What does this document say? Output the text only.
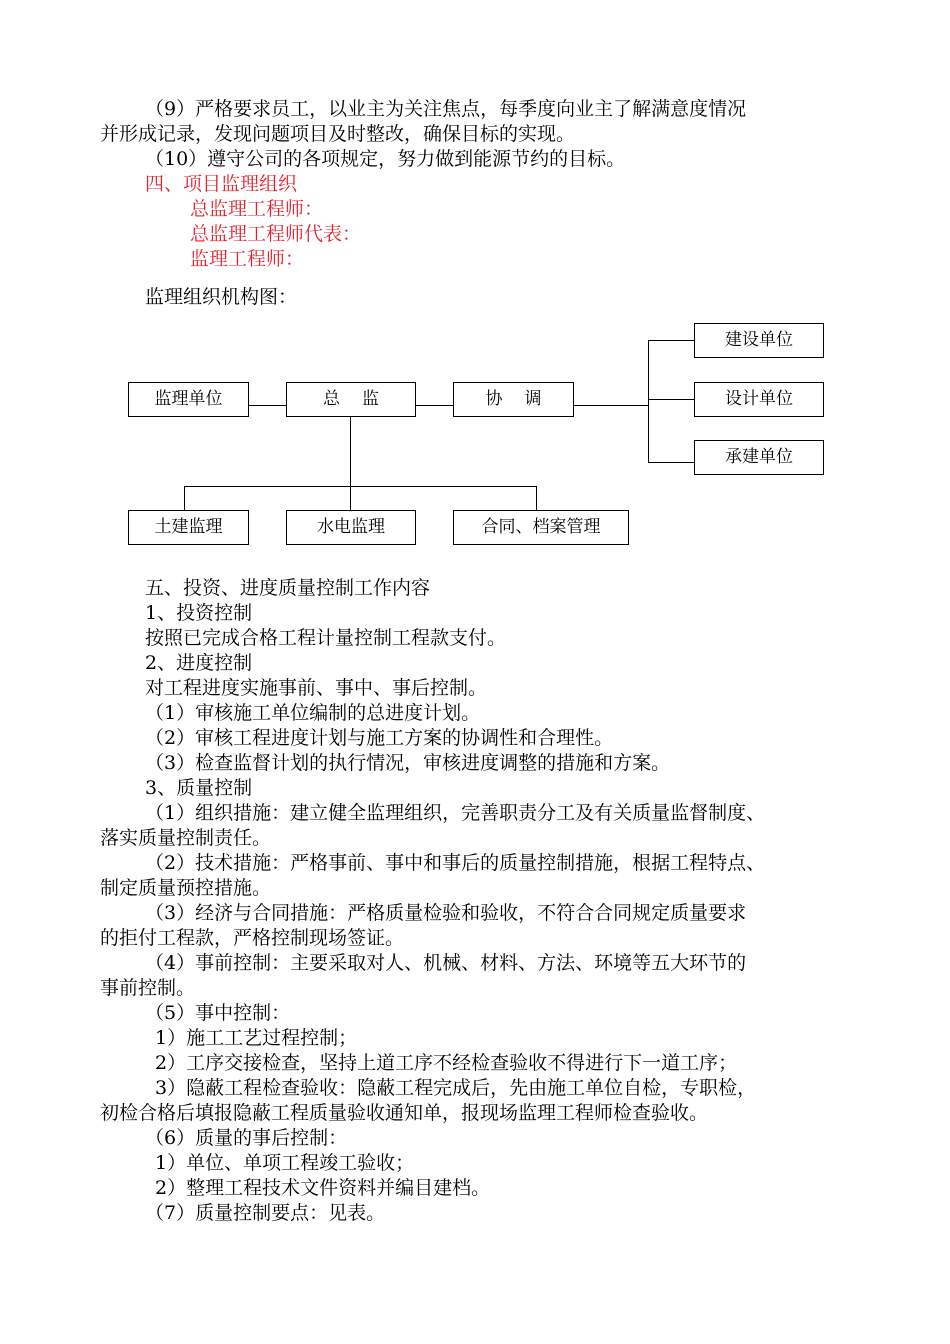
（9）严格要求员工，以业主为关注焦点，每季度向业主了解满意度情况
并形成记录，发现问题项目及时整改，确保目标的实现。
（10）遵守公司的各项规定，努力做到能源节约的目标。
四、项目监理组织
总监理工程师：
总监理工程师代表：
监理工程师：
监理组织机构图：
监理单位	总监	协调
建设单位
设计单位
承建单位
土建监理	水电监理	合同、档案管理
五、投资、进度质量控制工作内容
1、投资控制
按照已完成合格工程计量控制工程款支付。
2、进度控制
对工程进度实施事前、事中、事后控制。
（1）审核施工单位编制的总进度计划。
（2）审核工程进度计划与施工方案的协调性和合理性。
（3）检查监督计划的执行情况，审核进度调整的措施和方案。
3、质量控制
（1）组织措施：建立健全监理组织，完善职责分工及有关质量监督制度、
落实质量控制责任。
（2）技术措施：严格事前、事中和事后的质量控制措施，根据工程特点、
制定质量预控措施。
（3）经济与合同措施：严格质量检验和验收，不符合合同规定质量要求
的拒付工程款，严格控制现场签证。
（4）事前控制：主要采取对人、机械、材料、方法、环境等五大环节的
事前控制。
（5）事中控制：
1）施工工艺过程控制；
2）工序交接检查，坚持上道工序不经检查验收不得进行下一道工序；
3）隐蔽工程检查验收：隐蔽工程完成后，先由施工单位自检，专职检，
初检合格后填报隐蔽工程质量验收通知单，报现场监理工程师检查验收。
（6）质量的事后控制：
1）单位、单项工程竣工验收；
2）整理工程技术文件资料并编目建档。
（7）质量控制要点：见表。
